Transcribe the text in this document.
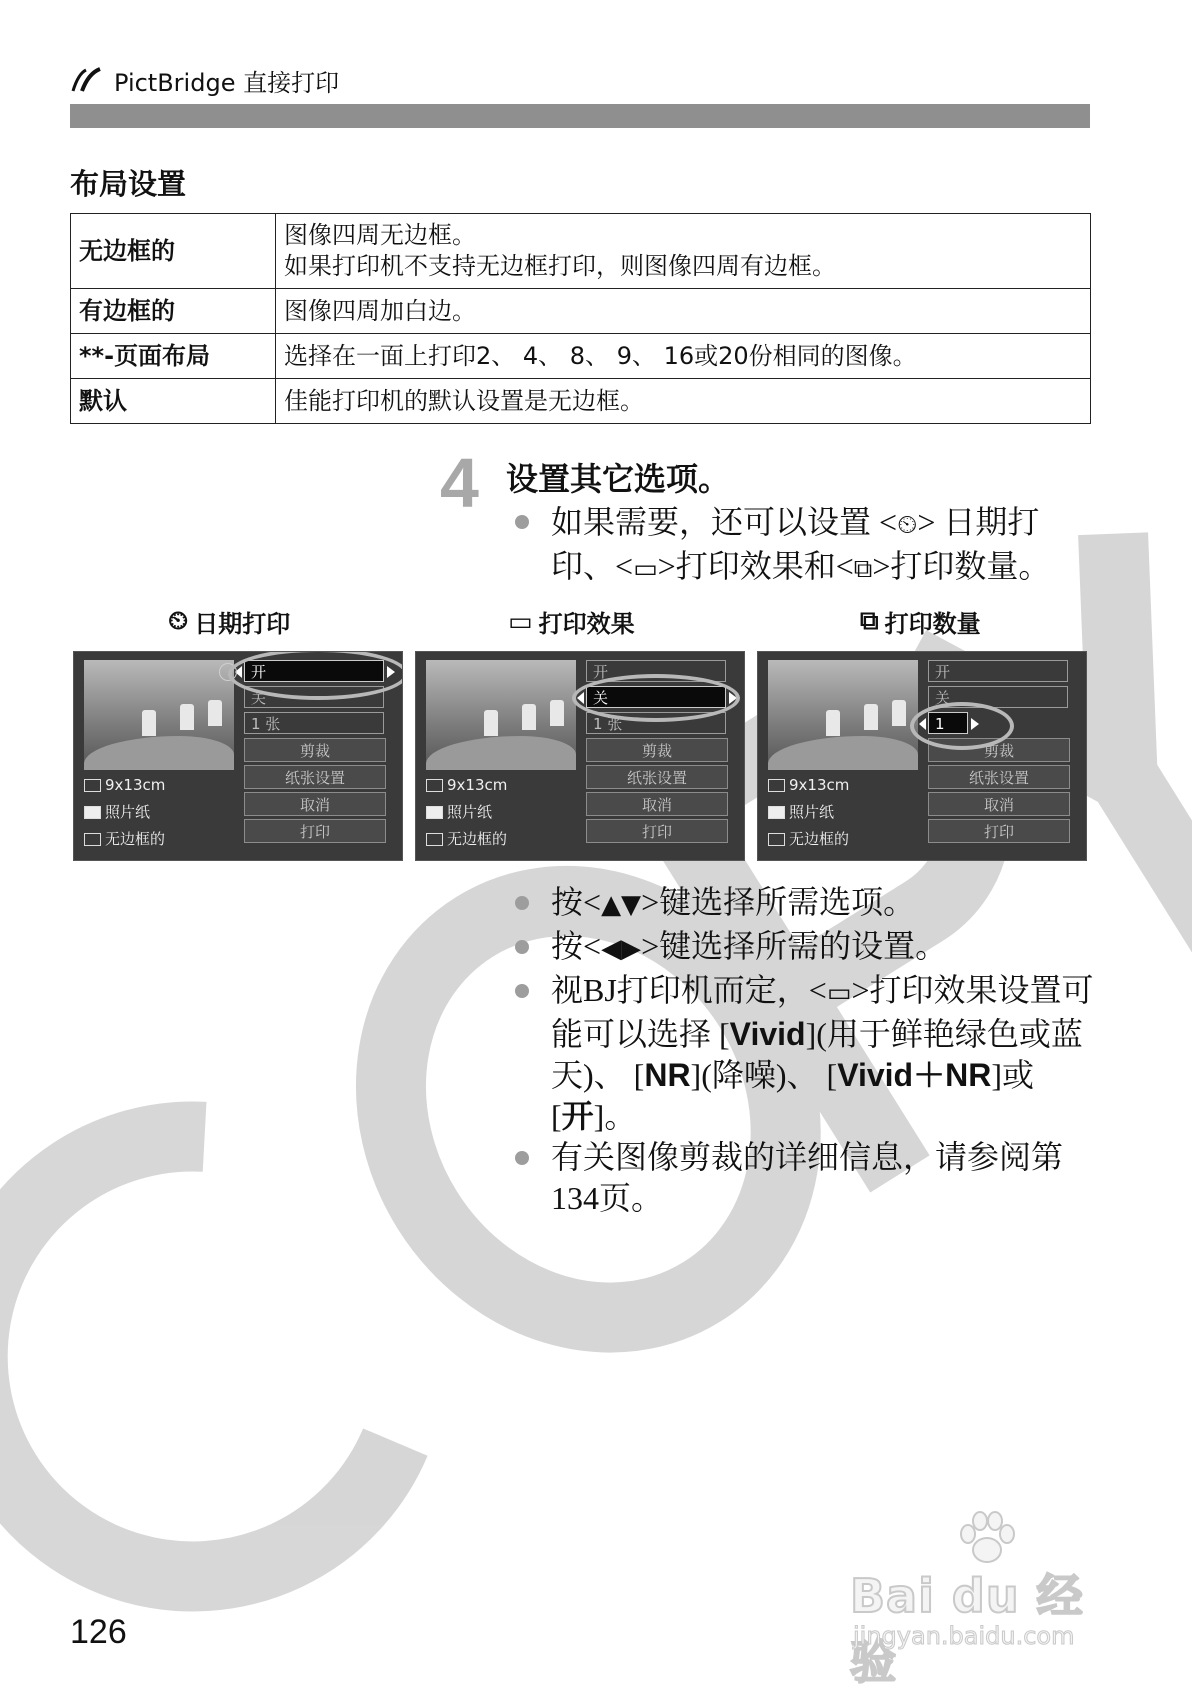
PictBridge 直接打印
布局设置
无边框的	图像四周无边框。
如果打印机不支持无边框打印，则图像四周有边框。

有边框的	图像四周加白边。
**-页面布局	选择在一面上打印2、 4、 8、 9、 16或20份相同的图像。
默认	佳能打印机的默认设置是无边框。
4 设置其它选项。
如果需要，还可以设置 <⏲> 日期打印、<▭>打印效果和<⧉>打印数量。
⏲ 日期打印	▭ 打印效果	⧉ 打印数量
开
关
1 张
剪裁
纸张设置
取消
打印
9x13cm
照片纸
无边框的
开
关
1 张
剪裁
纸张设置
取消
打印
9x13cm
照片纸
无边框的
开
关
1
剪裁
纸张设置
取消
打印
9x13cm
照片纸
无边框的
按<▲▼>键选择所需选项。
按<◀▶>键选择所需的设置。
视BJ打印机而定，<▭>打印效果设置可能可以选择 [Vivid](用于鲜艳绿色或蓝天)、 [NR](降噪)、 [Vivid＋NR]或[开]。
有关图像剪裁的详细信息，请参阅第134页。
126
Bai du 经验
jingyan.baidu.com
